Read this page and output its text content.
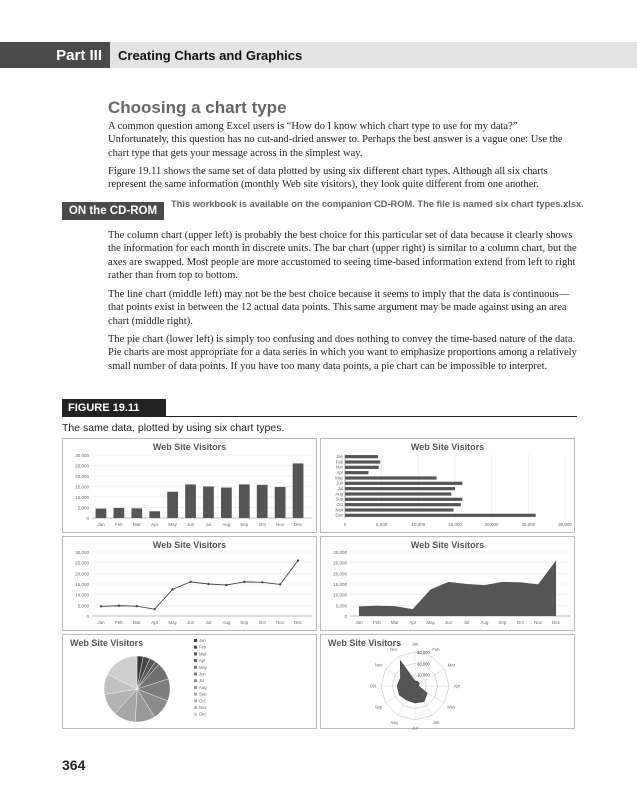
Part III	Creating Charts and Graphics
Choosing a chart type

A common question among Excel users is “How do I know which chart type to use for my data?” Unfortunately, this question has no cut-and-dried answer to. Perhaps the best answer is a vague one: Use the chart type that gets your message across in the simplest way.

Figure 19.11 shows the same set of data plotted by using six different chart types. Although all six charts represent the same information (monthly Web site visitors), they look quite different from one another.

ON the CD-ROM
This workbook is available on the companion CD-ROM. The file is named six chart types.xlsx.

The column chart (upper left) is probably the best choice for this particular set of data because it clearly shows the information for each month in discrete units. The bar chart (upper right) is similar to a column chart, but the axes are swapped. Most people are more accustomed to seeing time-based information extend from left to right rather than from top to bottom.

The line chart (middle left) may not be the best choice because it seems to imply that the data is continuous—that points exist in between the 12 actual data points. This same argument may be made against using an area chart (middle right).

The pie chart (lower left) is simply too confusing and does nothing to convey the time-based nature of the data. Pie charts are most appropriate for a data series in which you want to emphasize proportions among a relatively small number of data points. If you have too many data points, a pie chart can be impossible to interpret.

FIGURE 19.11
The same data, plotted by using six chart types.
Web Site Visitors
0
5,000
10,000
15,000
20,000
25,000
30,000
Jan Feb Mar Apr May Jun	Jul Aug Sep Oct Nov Dec
Web Site Visitors
0	5,000	10,000	15,000	20,000	25,000	30,000
Jan
Feb
Mar
Apr
May
Jun
Jul
Aug
Sep
Oct
Nov
Dec
Web Site Visitors
0
5,000
10,000
15,000
20,000
25,000
30,000
Jan Feb Mar Apr May Jun	Jul Aug Sep Oct Nov Dec
Web Site Visitors
0
5,000
10,000
15,000
20,000
25,000
30,000
Jan Feb Mar Apr May Jun	Jul Aug Sep Oct Nov Dec
Web Site Visitors	Jan
Feb
Mar
Apr
May
Jun
Jul
Aug
Sep
Oct
Nov
Dec
Web Site Visitors Jan
Feb
Mar
Apr
May
Jun
Jul
Aug
Sep
Oct
Nov
Dec
10,000
20,000
30,000
364
